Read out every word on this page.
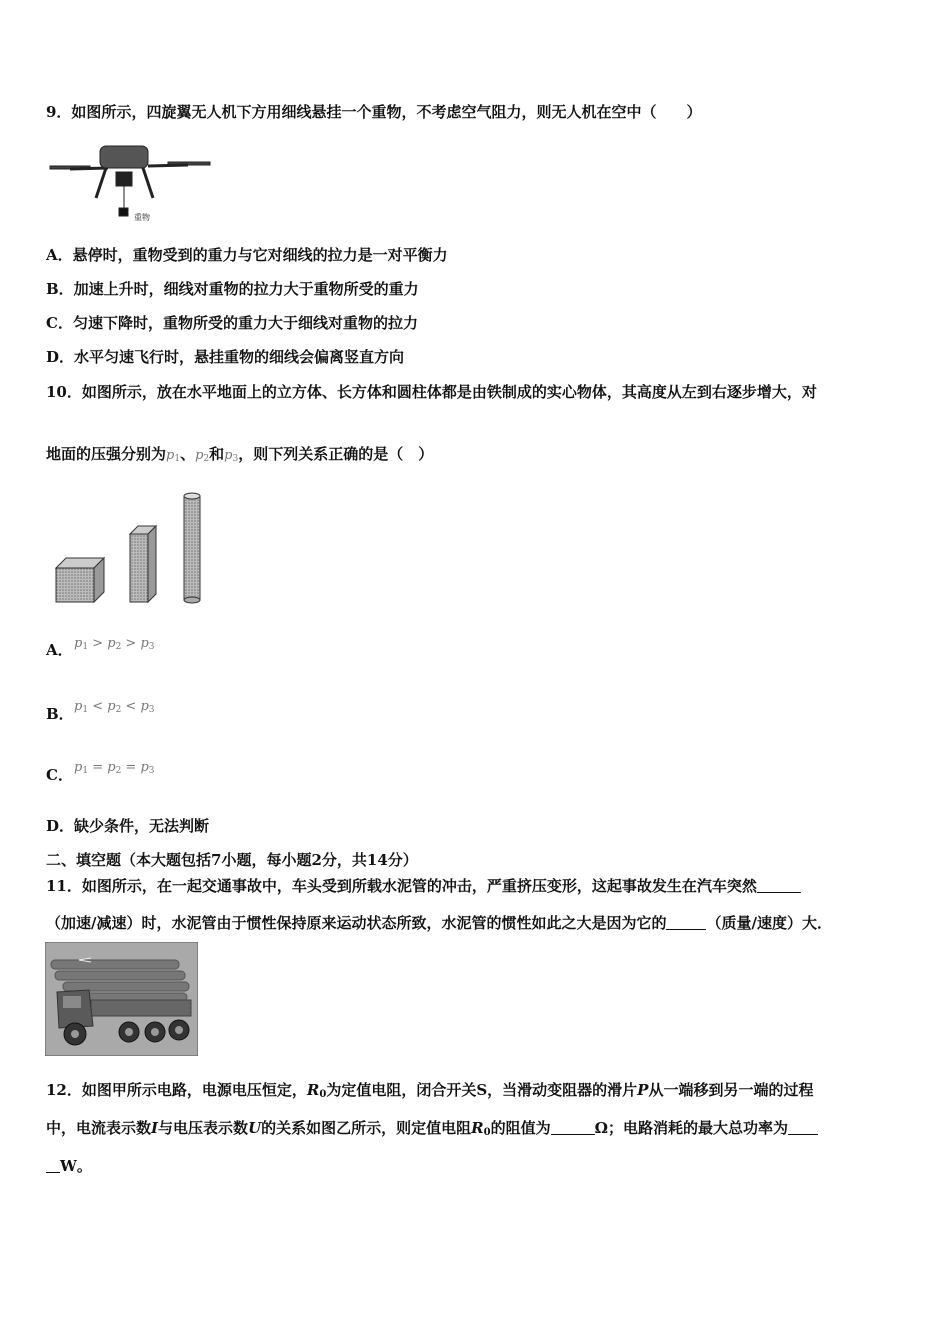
9．如图所示，四旋翼无人机下方用细线悬挂一个重物，不考虑空气阻力，则无人机在空中（　　）
重物
A．悬停时，重物受到的重力与它对细线的拉力是一对平衡力
B．加速上升时，细线对重物的拉力大于重物所受的重力
C．匀速下降时，重物所受的重力大于细线对重物的拉力
D．水平匀速飞行时，悬挂重物的细线会偏离竖直方向
10．如图所示，放在水平地面上的立方体、长方体和圆柱体都是由铁制成的实心物体，其高度从左到右逐步增大，对
地面的压强分别为$p_1$、$p_2$和$p_3$，则下列关系正确的是（　）
A． $p_1 > p_2 > p_3$
B． $p_1 < p_2 < p_3$
C． $p_1 = p_2 = p_3$
D．缺少条件，无法判断
二、填空题（本大题包括7小题，每小题2分，共14分）
11．如图所示，在一起交通事故中，车头受到所载水泥管的冲击，严重挤压变形，这起事故发生在汽车突然
（加速/减速）时，水泥管由于惯性保持原来运动状态所致，水泥管的惯性如此之大是因为它的	（质量/速度）大．
12．如图甲所示电路，电源电压恒定，$R_0$为定值电阻，闭合开关S，当滑动变阻器的滑片P从一端移到另一端的过程
中，电流表示数I与电压表示数U的关系如图乙所示，则定值电阻$R_0$的阻值为	Ω；电路消耗的最大总功率为
W。
